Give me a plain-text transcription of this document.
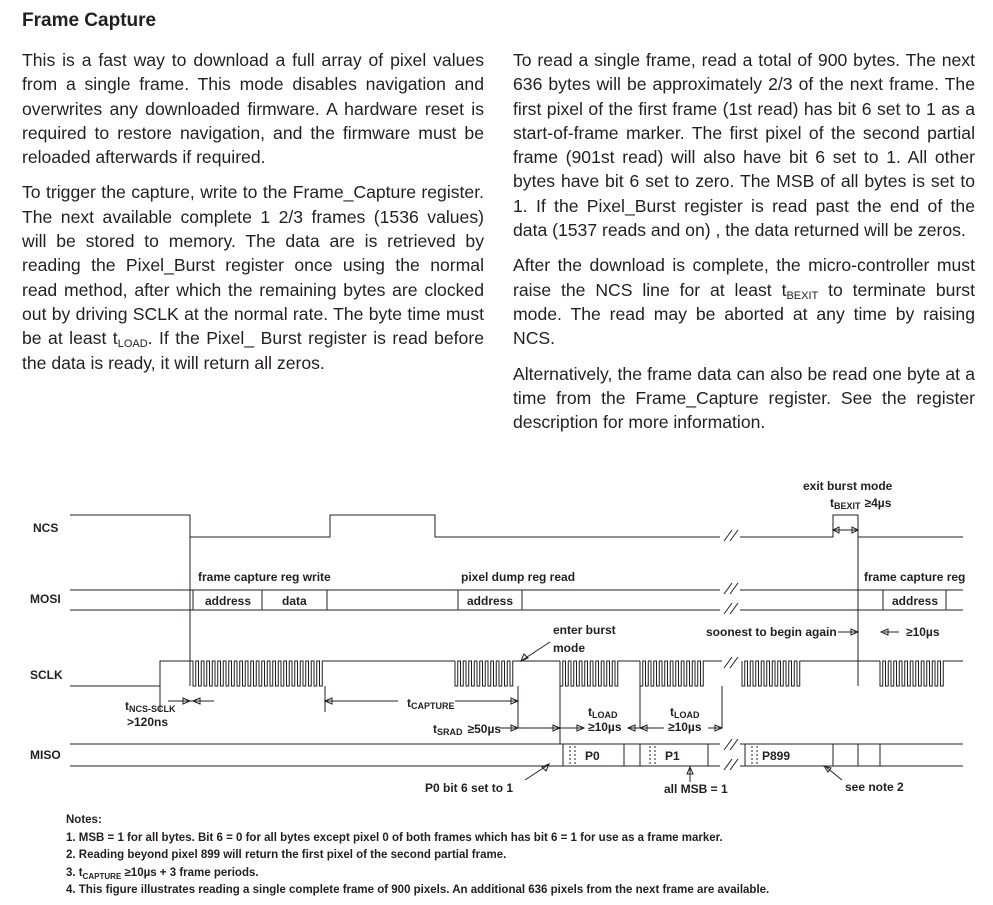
Frame Capture

This is a fast way to download a full array of pixel values from a single frame. This mode disables navigation and overwrites any downloaded firmware. A hardware reset is required to restore navigation, and the firmware must be reloaded afterwards if required.

To trigger the capture, write to the Frame_Capture register. The next available complete 1 2/3 frames (1536 values) will be stored to memory. The data are is retrieved by reading the Pixel_Burst register once using the normal read method, after which the remaining bytes are clocked out by driving SCLK at the normal rate. The byte time must be at least $t_{LOAD}$. If the Pixel_ Burst register is read before the data is ready, it will return all zeros.

To read a single frame, read a total of 900 bytes. The next 636 bytes will be approximately 2/3 of the next frame. The first pixel of the first frame (1st read) has bit 6 set to 1 as a start-of-frame marker. The first pixel of the second partial frame (901st read) will also have bit 6 set to 1. All other bytes have bit 6 set to zero. The MSB of all bytes is set to 1. If the Pixel_Burst register is read past the end of the data (1537 reads and on) , the data returned will be zeros.

After the download is complete, the micro-controller must raise the NCS line for at least $t_{BEXIT}$ to terminate burst mode. The read may be aborted at any time by raising NCS.

Alternatively, the frame data can also be read one byte at a time from the Frame_Capture register. See the register description for more information.

NCS
MOSI
SCLK
MISO
address	data	address	address
frame capture reg write	pixel dump reg read	frame capture reg
P0	P1	P899
exit burst mode
tBEXIT ≥4µs
enter burst
mode
soonest to begin again	≥10µs
tNCS-SCLK
>120ns
tCAPTURE
tSRAD ≥50µs
tLOAD
≥10µs
tLOAD
≥10µs
P0 bit 6 set to 1	all MSB = 1	see note 2
Notes:
1. MSB = 1 for all bytes. Bit 6 = 0 for all bytes except pixel 0 of both frames which has bit 6 = 1 for use as a frame marker.
2. Reading beyond pixel 899 will return the first pixel of the second partial frame.
3. $t_{CAPTURE} \ge 10\mu s + 3$ frame periods.
4. This figure illustrates reading a single complete frame of 900 pixels. An additional 636 pixels from the next frame are available.
